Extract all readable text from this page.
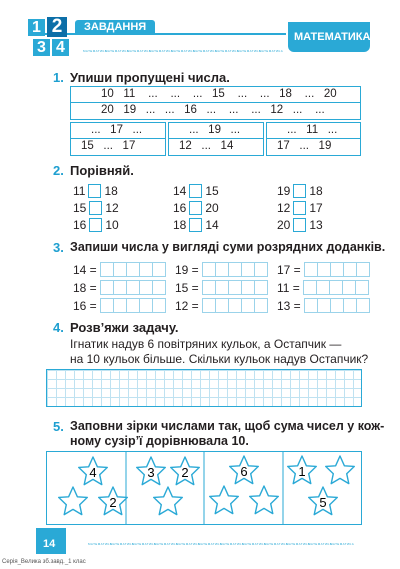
ЗАВДАННЯ
1 2
3 4
МАТЕМАТИКА
МАТЕМАТИКА
МАТЕМАТИКА
МАТЕМАТИКА
МАТЕМАТИКА
МАТЕМАТИКА
МАТЕМАТИКА
МАТЕМАТИКА
МАТЕМАТИКА
МАТЕМАТИКА
1. Упиши пропущені числа.
10   11    ...    ...    ...   15    ...    ...   18    ...   20
20   19   ...   ...   16   ...    ...    ...   12   ...    ...
...   17   ...
15   ...   17
...   19   ...
12   ...   14
...   11   ...
17   ...   19
2. Порівняй.
11 18	14 15	19 18
15 12	16 20	12 17
16 10	18 14	20 13
3. Запиши числа у вигляді суми розрядних доданків.
14 =	19 =	17 =
18 =	15 =	11 =
16 =	12 =	13 =
4. Розв’яжи задачу.
Ігнатик надув 6 повітряних кульок, а Остапчик —
на 10 кульок більше. Скільки кульок надув Остапчик?
5. Заповни зірки числами так, щоб сума чисел у кож-
ному сузір’ї дорівнювала 10.
4
2
3 2	6	1
5
14	МАТЕМАТИКА
МАТЕМАТИКА
МАТЕМАТИКА
МАТЕМАТИКА
МАТЕМАТИКА
МАТЕМАТИКА
МАТЕМАТИКА
МАТЕМАТИКА
МАТЕМАТИКА
МАТЕМАТИКА
МАТЕМАТИКА
МАТЕМАТИКА
Серія_Велика зб.завд._1 клас
